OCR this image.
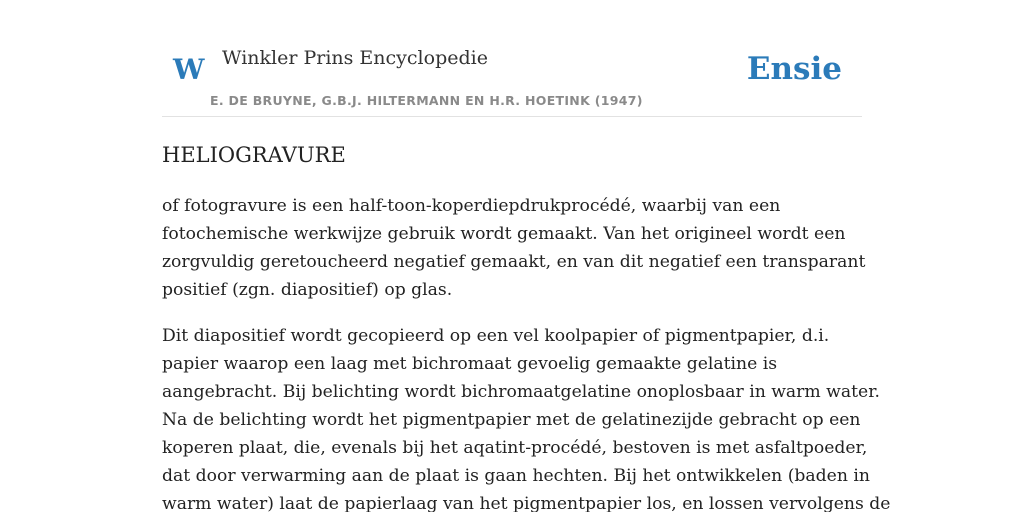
W Winkler Prins Encyclopedie
E. DE BRUYNE, G.B.J. HILTERMANN EN H.R. HOETINK (1947)
Ensie
HELIOGRAVURE

of fotogravure is een half-toon-koperdiepdrukprocédé, waarbij van een
fotochemische werkwijze gebruik wordt gemaakt. Van het origineel wordt een
zorgvuldig geretoucheerd negatief gemaakt, en van dit negatief een transparant
positief (zgn. diapositief) op glas.

Dit diapositief wordt gecopieerd op een vel koolpapier of pigmentpapier, d.i.
papier waarop een laag met bichromaat gevoelig gemaakte gelatine is
aangebracht. Bij belichting wordt bichromaatgelatine onoplosbaar in warm water.
Na de belichting wordt het pigmentpapier met de gelatinezijde gebracht op een
koperen plaat, die, evenals bij het aqatint-procédé, bestoven is met asfaltpoeder,
dat door verwarming aan de plaat is gaan hechten. Bij het ontwikkelen (baden in
warm water) laat de papierlaag van het pigmentpapier los, en lossen vervolgens de
